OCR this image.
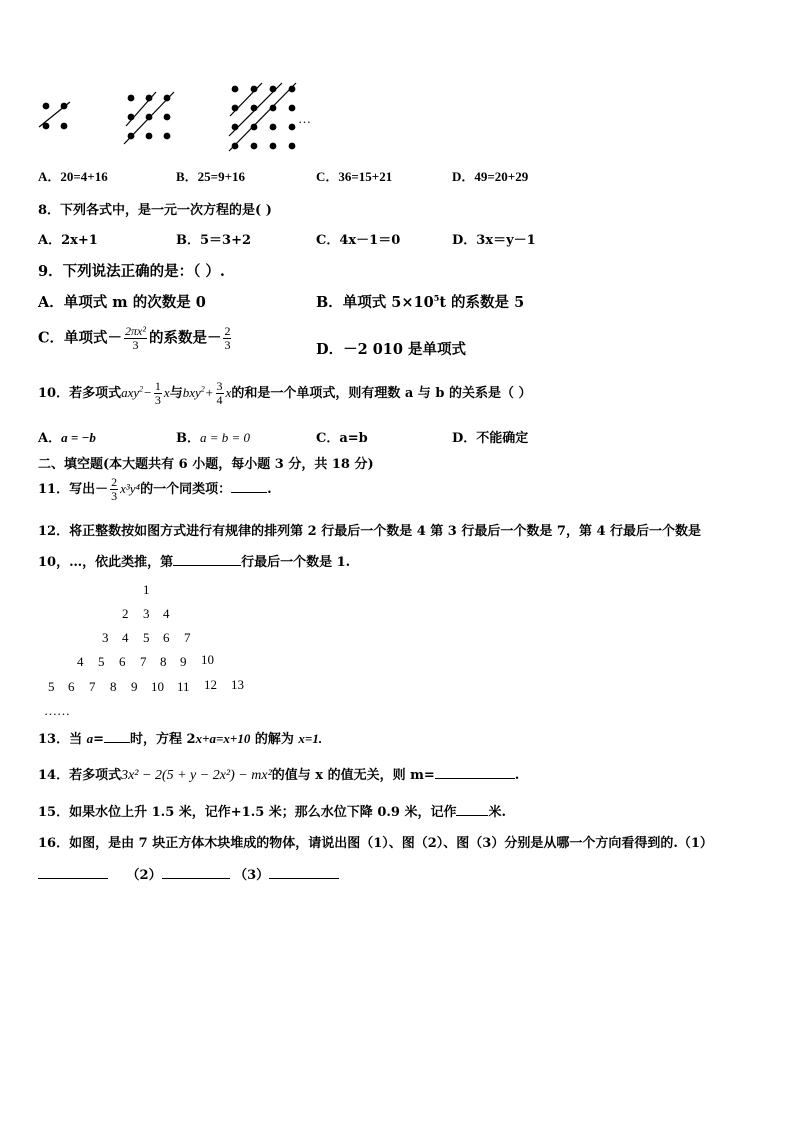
…
A．20=4+16	B．25=9+16	C．36=15+21	D．49=20+29
8．下列各式中，是一元一次方程的是( )
A．2x+1	B．5＝3+2	C．4x－1＝0	D．3x＝y－1
9．下列说法正确的是：（ ）.
A．单项式 m 的次数是 0	B．单项式 $5\times 10^5t$ 的系数是 5
C．单项式－ $\frac{\text{2πx²}}{3}$ 的系数是－ $\frac{2}{3}$	D．－2 010 是单项式
10．若多项式$axy^2- \frac{1}{3}$ x与$bxy^2+ \frac{3}{4}$ x的和是一个单项式，则有理数 a 与 b 的关系是（ ）
A．a = −b	B．a = b = 0	C．a=b	D．不能确定
二、填空题(本大题共有 6 小题，每小题 3 分，共 18 分)
11．写出－ $\frac{2}{3} x^3y^4$的一个同类项：	.
12．将正整数按如图方式进行有规律的排列第 2 行最后一个数是 4 第 3 行最后一个数是 7，第 4 行最后一个数是
10，…，依此类推，第	行最后一个数是 1.
1
2 3 4
3 4 5 6 7
4 5 6 7 8 9 10
5 6 7 8 9 10 11 12 13
……
13．当 a= 时，方程 2x+a=x+10 的解为 x=1.
14．若多项式3x² − 2(5 + y − 2x²) − mx²的值与 x 的值无关，则 m=	.
15．如果水位上升 1.5 米，记作+1.5 米；那么水位下降 0.9 米，记作 米.
16．如图，是由 7 块正方体木块堆成的物体，请说出图（1）、图（2）、图（3）分别是从哪一个方向看得到的.（1）
（2）	（3）
